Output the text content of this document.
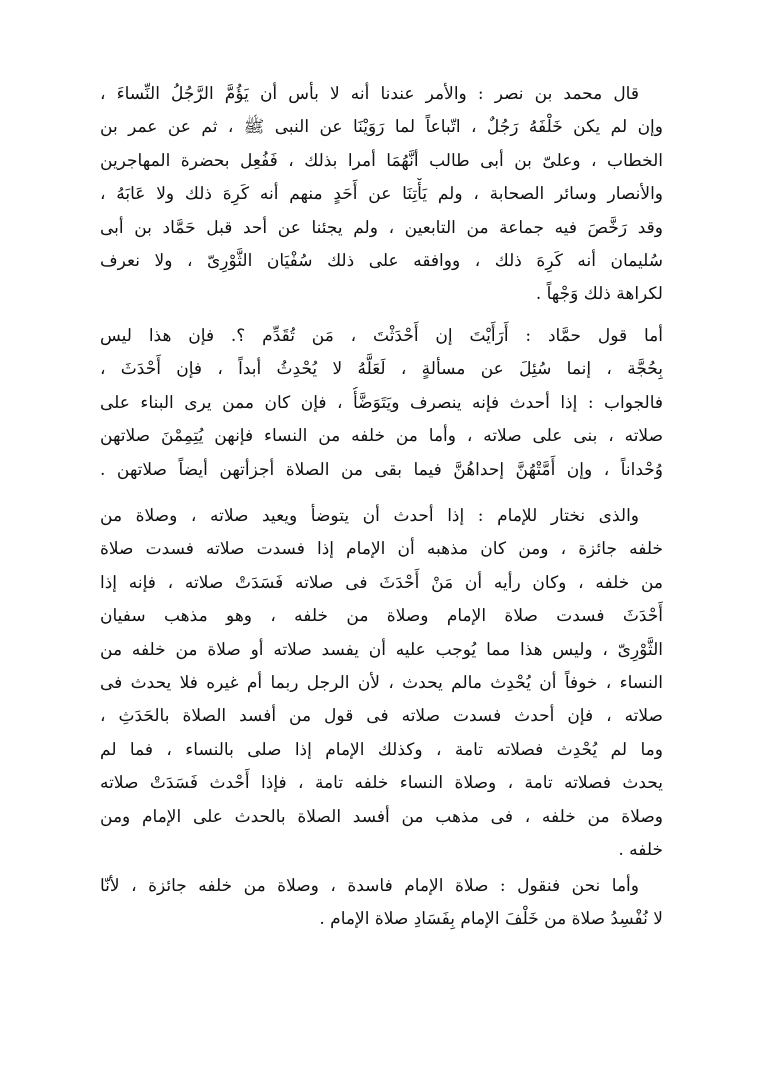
قال محمد بن نصر : والأمر عندنا أنه لا بأس أن يَؤُمَّ الرَّجُلُ النِّساءَ ،
وإن لم يكن خَلْفَهُ رَجُلٌ ، اتّباعاً لما رَوَيْنَا عن النبى ﷺ ، ثم عن عمر بن
الخطاب ، وعلىّ بن أبى طالب أنَّهُمَا أمرا بذلك ، فَفُعِل بحضرة المهاجرين
والأنصار وسائر الصحابة ، ولم يَأْتِنَا عن أَحَدٍ منهم أنه كَرِهَ ذلك ولا عَابَهُ ،
وقد رَخَّصَ فيه جماعة من التابعين ، ولم يجئنا عن أحد قبل حَمَّاد بن أبى
سُليمان أنه كَرِهَ ذلك ، ووافقه على ذلك سُفْيَان الثَّوْرِىّ ، ولا نعرف
لكراهة ذلك وَجْهاً .
أما قول حمَّاد : أَرَأَيْتَ إن أَحْدَثْتَ ، مَن تُقَدِّم ؟. فإن هذا ليس
بِحُجَّة ، إنما سُئِلَ عن مسألةٍ ، لَعَلَّهُ لا يُحْدِثُ أبداً ، فإن أَحْدَثَ ،
فالجواب : إذا أحدث فإنه ينصرف ويَتَوَضَّأُ ، فإن كان ممن يرى البناء على
صلاته ، بنى على صلاته ، وأما من خلفه من النساء فإنهن يُتِمِمْنَ صلاتهن
وُحْداناً ، وإن أَمَّتْهُنَّ إحداهُنَّ فيما بقى من الصلاة أجزأتهن أيضاً صلاتهن .
والذى نختار للإمام : إذا أحدث أن يتوضأ ويعيد صلاته ، وصلاة من
خلفه جائزة ، ومن كان مذهبه أن الإمام إذا فسدت صلاته فسدت صلاة
من خلفه ، وكان رأيه أن مَنْ أَحْدَثَ فى صلاته فَسَدَتْ صلاته ، فإنه إذا
أَحْدَثَ فسدت صلاة الإمام وصلاة من خلفه ، وهو مذهب سفيان
الثَّوْرِىّ ، وليس هذا مما يُوجب عليه أن يفسد صلاته أو صلاة من خلفه من
النساء ، خوفاً أن يُحْدِث مالم يحدث ، لأن الرجل ربما أم غيره فلا يحدث فى
صلاته ، فإن أحدث فسدت صلاته فى قول من أفسد الصلاة بالحَدَثِ ،
وما لم يُحْدِث فصلاته تامة ، وكذلك الإمام إذا صلى بالنساء ، فما لم
يحدث فصلاته تامة ، وصلاة النساء خلفه تامة ، فإذا أَحْدث فَسَدَتْ صلاته
وصلاة من خلفه ، فى مذهب من أفسد الصلاة بالحدث على الإمام ومن
خلفه .
وأما نحن فنقول : صلاة الإمام فاسدة ، وصلاة من خلفه جائزة ، لأنّا
لا نُفْسِدُ صلاة من خَلْفَ الإمام بِفَسَادِ صلاة الإمام .
